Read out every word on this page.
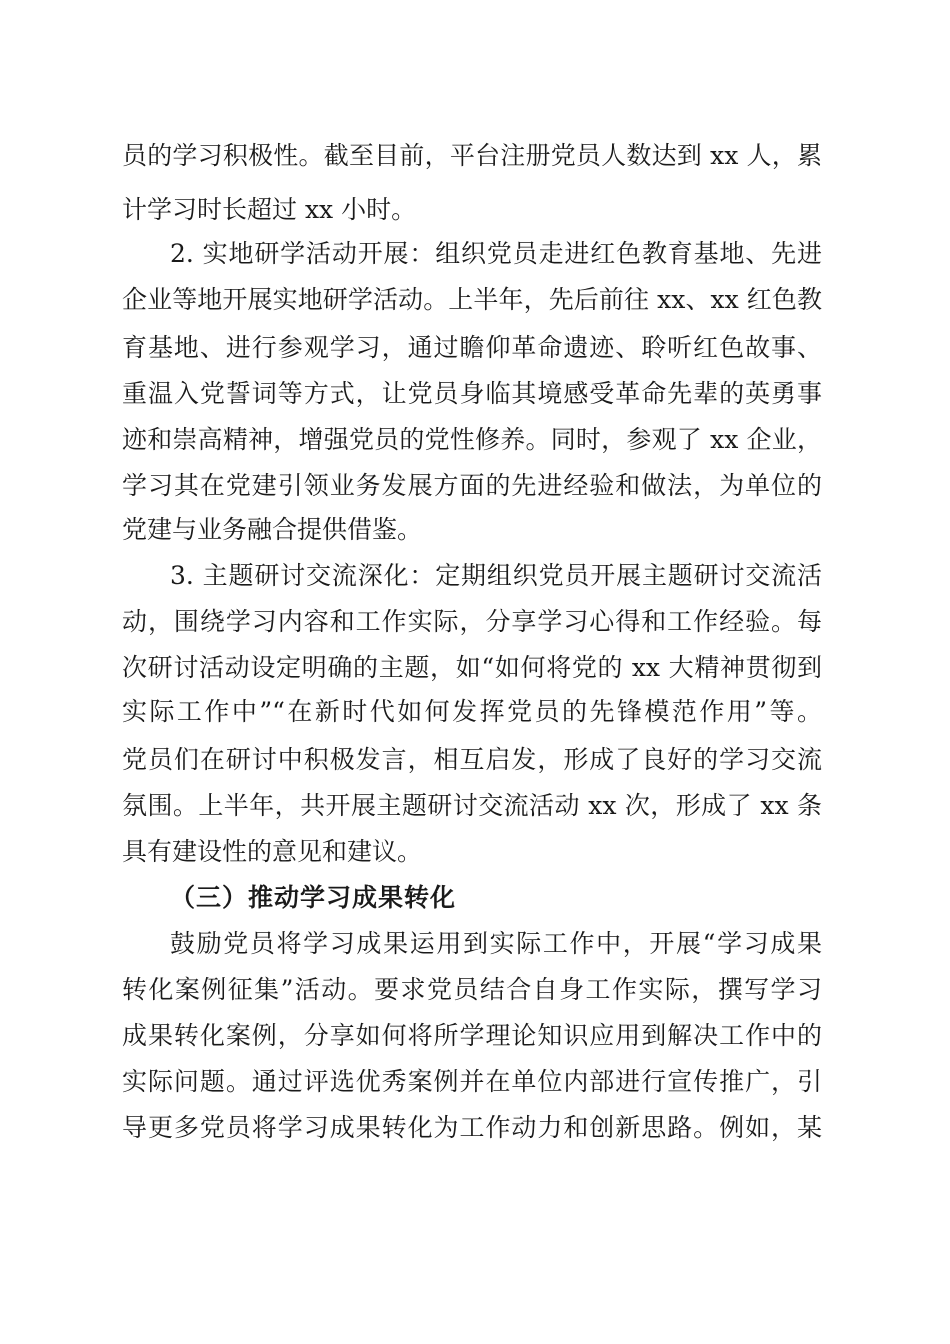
员的学习积极性。截至目前，平台注册党员人数达到 xx 人，累
计学习时长超过 xx 小时。
2. 实地研学活动开展：组织党员走进红色教育基地、先进
企业等地开展实地研学活动。上半年，先后前往 xx、xx 红色教
育基地、进行参观学习，通过瞻仰革命遗迹、聆听红色故事、
重温入党誓词等方式，让党员身临其境感受革命先辈的英勇事
迹和崇高精神，增强党员的党性修养。同时，参观了 xx 企业，
学习其在党建引领业务发展方面的先进经验和做法，为单位的
党建与业务融合提供借鉴。
3. 主题研讨交流深化：定期组织党员开展主题研讨交流活
动，围绕学习内容和工作实际，分享学习心得和工作经验。每
次研讨活动设定明确的主题，如“如何将党的 xx 大精神贯彻到
实际工作中”“在新时代如何发挥党员的先锋模范作用”等。
党员们在研讨中积极发言，相互启发，形成了良好的学习交流
氛围。上半年，共开展主题研讨交流活动 xx 次，形成了 xx 条
具有建设性的意见和建议。
（三）推动学习成果转化
鼓励党员将学习成果运用到实际工作中，开展“学习成果
转化案例征集”活动。要求党员结合自身工作实际，撰写学习
成果转化案例，分享如何将所学理论知识应用到解决工作中的
实际问题。通过评选优秀案例并在单位内部进行宣传推广，引
导更多党员将学习成果转化为工作动力和创新思路。例如，某
